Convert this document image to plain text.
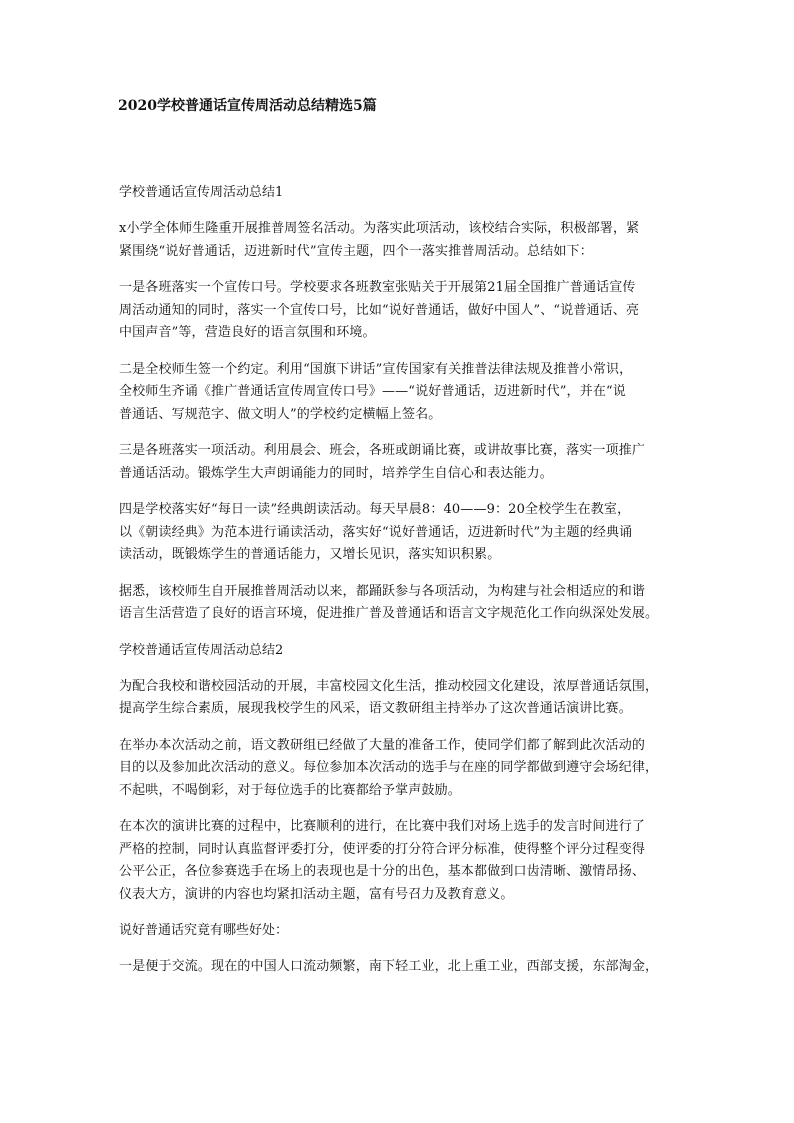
2020学校普通话宣传周活动总结精选5篇
学校普通话宣传周活动总结1

x小学全体师生隆重开展推普周签名活动。为落实此项活动，该校结合实际，积极部署，紧
紧围绕“说好普通话，迈进新时代”宣传主题，四个一落实推普周活动。总结如下：

一是各班落实一个宣传口号。学校要求各班教室张贴关于开展第21届全国推广普通话宣传
周活动通知的同时，落实一个宣传口号，比如“说好普通话，做好中国人”、“说普通话、亮
中国声音”等，营造良好的语言氛围和环境。

二是全校师生签一个约定。利用“国旗下讲话”宣传国家有关推普法律法规及推普小常识，
全校师生齐诵《推广普通话宣传周宣传口号》——“说好普通话，迈进新时代”，并在“说
普通话、写规范字、做文明人”的学校约定横幅上签名。

三是各班落实一项活动。利用晨会、班会，各班或朗诵比赛，或讲故事比赛，落实一项推广
普通话活动。锻炼学生大声朗诵能力的同时，培养学生自信心和表达能力。

四是学校落实好“每日一读”经典朗读活动。每天早晨8：40——9：20全校学生在教室，
以《朝读经典》为范本进行诵读活动，落实好“说好普通话，迈进新时代”为主题的经典诵
读活动，既锻炼学生的普通话能力，又增长见识，落实知识积累。

据悉，该校师生自开展推普周活动以来，都踊跃参与各项活动，为构建与社会相适应的和谐
语言生活营造了良好的语言环境，促进推广普及普通话和语言文字规范化工作向纵深处发展。

学校普通话宣传周活动总结2

为配合我校和谐校园活动的开展，丰富校园文化生活，推动校园文化建设，浓厚普通话氛围，
提高学生综合素质，展现我校学生的风采，语文教研组主持举办了这次普通话演讲比赛。

在举办本次活动之前，语文教研组已经做了大量的准备工作，使同学们都了解到此次活动的
目的以及参加此次活动的意义。每位参加本次活动的选手与在座的同学都做到遵守会场纪律，
不起哄，不喝倒彩，对于每位选手的比赛都给予掌声鼓励。

在本次的演讲比赛的过程中，比赛顺利的进行，在比赛中我们对场上选手的发言时间进行了
严格的控制，同时认真监督评委打分，使评委的打分符合评分标准，使得整个评分过程变得
公平公正，各位参赛选手在场上的表现也是十分的出色，基本都做到口齿清晰、激情昂扬、
仪表大方，演讲的内容也均紧扣活动主题，富有号召力及教育意义。

说好普通话究竟有哪些好处：

一是便于交流。现在的中国人口流动频繁，南下轻工业，北上重工业，西部支援，东部淘金，
